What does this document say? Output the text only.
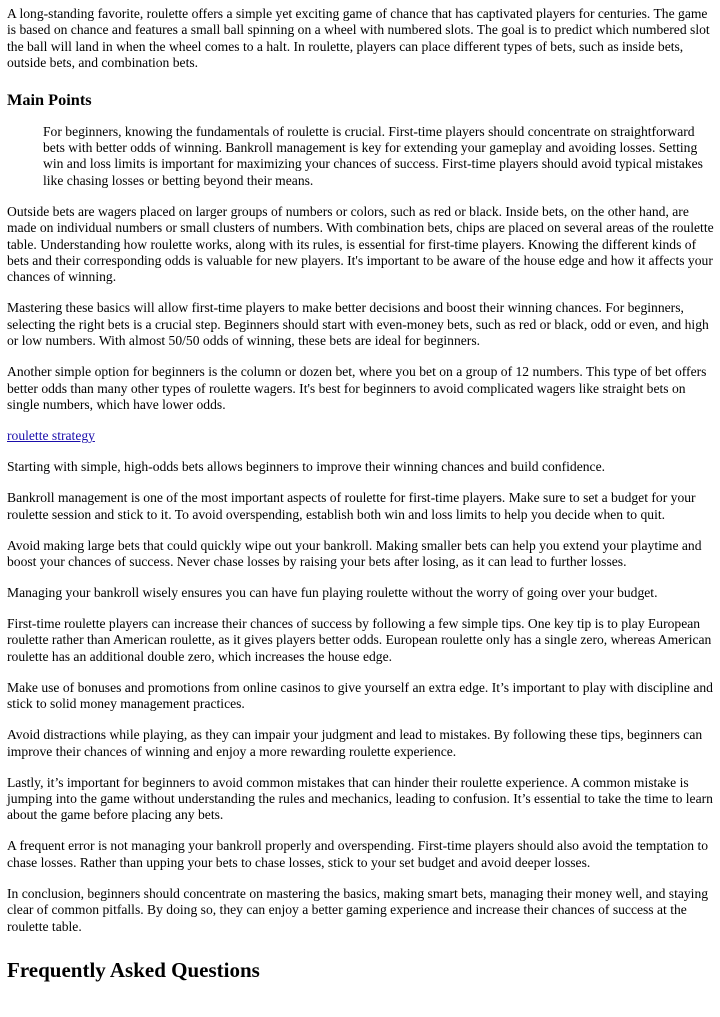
A long-standing favorite, roulette offers a simple yet exciting game of chance that has captivated players for centuries. The game is based on chance and features a small ball spinning on a wheel with numbered slots. The goal is to predict which numbered slot the ball will land in when the wheel comes to a halt. In roulette, players can place different types of bets, such as inside bets, outside bets, and combination bets.

Main Points

For beginners, knowing the fundamentals of roulette is crucial. First-time players should concentrate on straightforward bets with better odds of winning. Bankroll management is key for extending your gameplay and avoiding losses. Setting win and loss limits is important for maximizing your chances of success. First-time players should avoid typical mistakes like chasing losses or betting beyond their means.

Outside bets are wagers placed on larger groups of numbers or colors, such as red or black. Inside bets, on the other hand, are made on individual numbers or small clusters of numbers. With combination bets, chips are placed on several areas of the roulette table. Understanding how roulette works, along with its rules, is essential for first-time players. Knowing the different kinds of bets and their corresponding odds is valuable for new players. It's important to be aware of the house edge and how it affects your chances of winning.

Mastering these basics will allow first-time players to make better decisions and boost their winning chances. For beginners, selecting the right bets is a crucial step. Beginners should start with even-money bets, such as red or black, odd or even, and high or low numbers. With almost 50/50 odds of winning, these bets are ideal for beginners.

Another simple option for beginners is the column or dozen bet, where you bet on a group of 12 numbers. This type of bet offers better odds than many other types of roulette wagers. It's best for beginners to avoid complicated wagers like straight bets on single numbers, which have lower odds.

roulette strategy

Starting with simple, high-odds bets allows beginners to improve their winning chances and build confidence.

Bankroll management is one of the most important aspects of roulette for first-time players. Make sure to set a budget for your roulette session and stick to it. To avoid overspending, establish both win and loss limits to help you decide when to quit.

Avoid making large bets that could quickly wipe out your bankroll. Making smaller bets can help you extend your playtime and boost your chances of success. Never chase losses by raising your bets after losing, as it can lead to further losses.

Managing your bankroll wisely ensures you can have fun playing roulette without the worry of going over your budget.

First-time roulette players can increase their chances of success by following a few simple tips. One key tip is to play European roulette rather than American roulette, as it gives players better odds. European roulette only has a single zero, whereas American roulette has an additional double zero, which increases the house edge.

Make use of bonuses and promotions from online casinos to give yourself an extra edge. It’s important to play with discipline and stick to solid money management practices.

Avoid distractions while playing, as they can impair your judgment and lead to mistakes. By following these tips, beginners can improve their chances of winning and enjoy a more rewarding roulette experience.

Lastly, it’s important for beginners to avoid common mistakes that can hinder their roulette experience. A common mistake is jumping into the game without understanding the rules and mechanics, leading to confusion. It’s essential to take the time to learn about the game before placing any bets.

A frequent error is not managing your bankroll properly and overspending. First-time players should also avoid the temptation to chase losses. Rather than upping your bets to chase losses, stick to your set budget and avoid deeper losses.

In conclusion, beginners should concentrate on mastering the basics, making smart bets, managing their money well, and staying clear of common pitfalls. By doing so, they can enjoy a better gaming experience and increase their chances of success at the roulette table.

Frequently Asked Questions
